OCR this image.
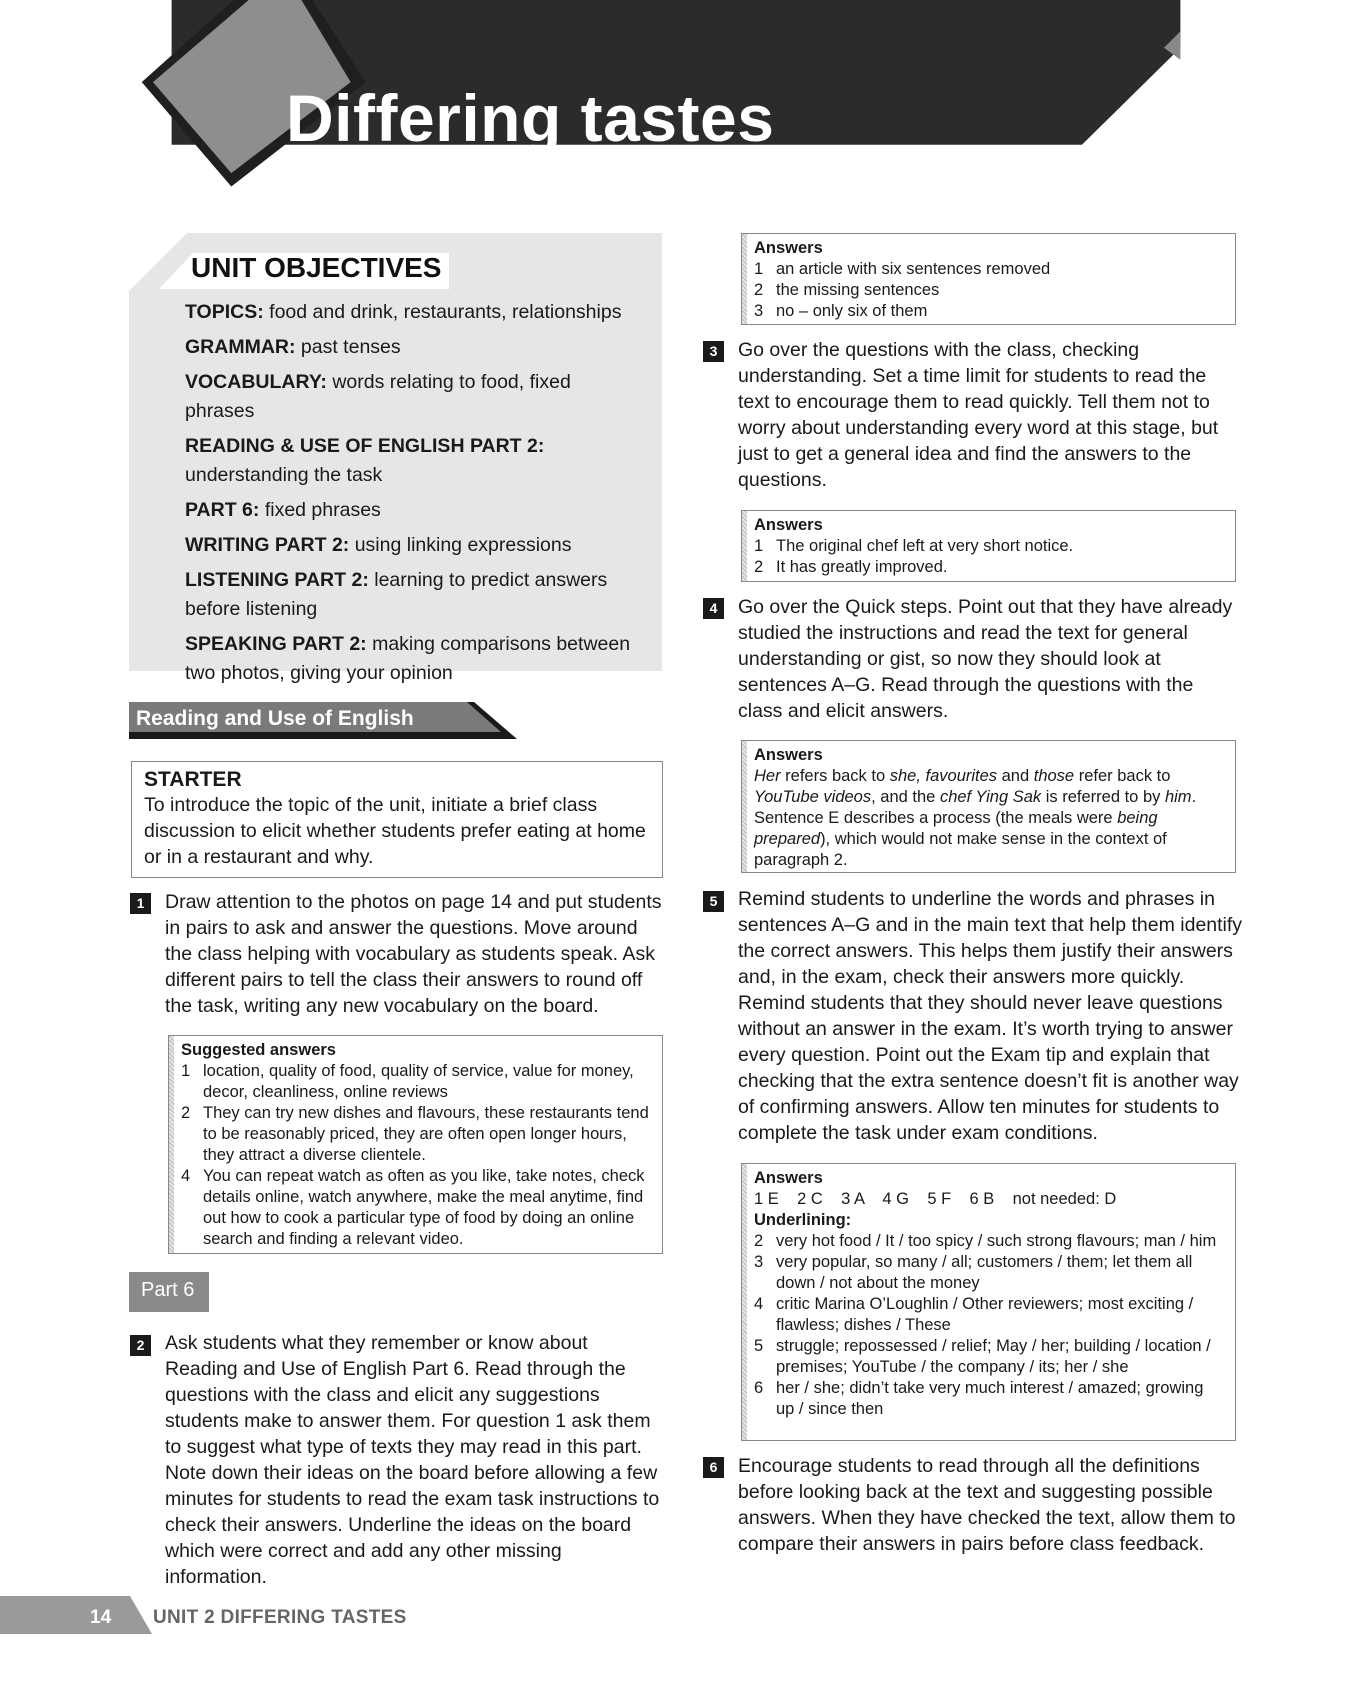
2 Differing tastes
UNIT OBJECTIVES
TOPICS: food and drink, restaurants, relationships
GRAMMAR: past tenses
VOCABULARY: words relating to food, fixed phrases
READING & USE OF ENGLISH PART 2: understanding the task
PART 6: fixed phrases
WRITING PART 2: using linking expressions
LISTENING PART 2: learning to predict answers before listening
SPEAKING PART 2: making comparisons between two photos, giving your opinion
Reading and Use of English
STARTER
To introduce the topic of the unit, initiate a brief class discussion to elicit whether students prefer eating at home or in a restaurant and why.
1	Draw attention to the photos on page 14 and put students in pairs to ask and answer the questions. Move around the class helping with vocabulary as students speak. Ask different pairs to tell the class their answers to round off the task, writing any new vocabulary on the board.
Suggested answers
1 location, quality of food, quality of service, value for money, decor, cleanliness, online reviews
2 They can try new dishes and flavours, these restaurants tend to be reasonably priced, they are often open longer hours, they attract a diverse clientele.
4 You can repeat watch as often as you like, take notes, check details online, watch anywhere, make the meal anytime, find out how to cook a particular type of food by doing an online search and finding a relevant video.
Part 6
2	Ask students what they remember or know about Reading and Use of English Part 6. Read through the questions with the class and elicit any suggestions students make to answer them. For question 1 ask them to suggest what type of texts they may read in this part. Note down their ideas on the board before allowing a few minutes for students to read the exam task instructions to check their answers. Underline the ideas on the board which were correct and add any other missing information.
Answers
1 an article with six sentences removed
2 the missing sentences
3 no – only six of them
3	Go over the questions with the class, checking understanding. Set a time limit for students to read the text to encourage them to read quickly. Tell them not to worry about understanding every word at this stage, but just to get a general idea and find the answers to the questions.
Answers
1 The original chef left at very short notice.
2 It has greatly improved.
4	Go over the Quick steps. Point out that they have already studied the instructions and read the text for general understanding or gist, so now they should look at sentences A–G. Read through the questions with the class and elicit answers.
Answers
Her refers back to she, favourites and those refer back to YouTube videos, and the chef Ying Sak is referred to by him. Sentence E describes a process (the meals were being prepared), which would not make sense in the context of paragraph 2.
5	Remind students to underline the words and phrases in sentences A–G and in the main text that help them identify the correct answers. This helps them justify their answers and, in the exam, check their answers more quickly. Remind students that they should never leave questions without an answer in the exam. It’s worth trying to answer every question. Point out the Exam tip and explain that checking that the extra sentence doesn’t fit is another way of confirming answers. Allow ten minutes for students to complete the task under exam conditions.
Answers
1 E    2 C    3 A    4 G    5 F    6 B    not needed: D
Underlining:
2 very hot food / It / too spicy / such strong flavours; man / him
3 very popular, so many / all; customers / them; let them all down / not about the money
4 critic Marina O’Loughlin / Other reviewers; most exciting / flawless; dishes / These
5 struggle; repossessed / relief; May / her; building / location / premises; YouTube / the company / its; her / she
6 her / she; didn’t take very much interest / amazed; growing up / since then
6	Encourage students to read through all the definitions before looking back at the text and suggesting possible answers. When they have checked the text, allow them to compare their answers in pairs before class feedback.
14 UNIT 2 DIFFERING TASTES
